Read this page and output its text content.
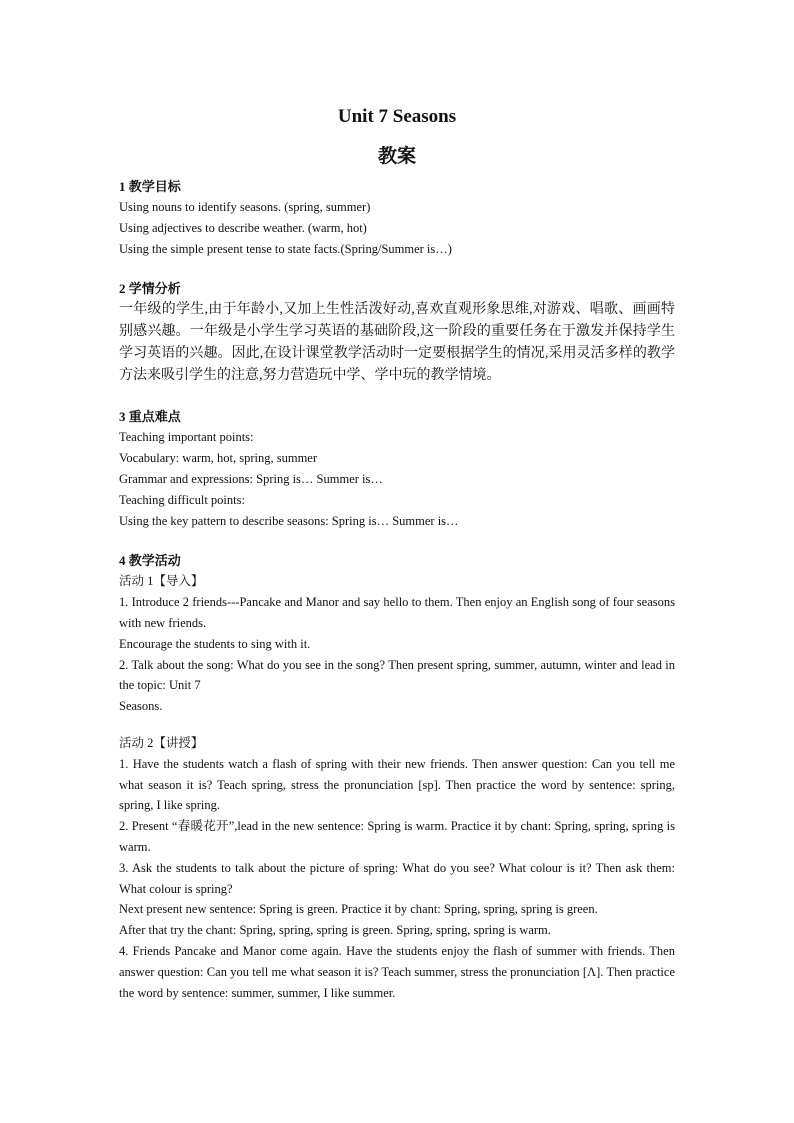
Unit 7 Seasons

教案

1 教学目标

Using nouns to identify seasons. (spring, summer)

Using adjectives to describe weather. (warm, hot)

Using the simple present tense to state facts.(Spring/Summer is…)

2 学情分析

一年级的学生,由于年龄小,又加上生性活泼好动,喜欢直观形象思维,对游戏、唱歌、画画特别感兴趣。一年级是小学生学习英语的基础阶段,这一阶段的重要任务在于激发并保持学生学习英语的兴趣。因此,在设计课堂教学活动时一定要根据学生的情况,采用灵活多样的教学方法来吸引学生的注意,努力营造玩中学、学中玩的教学情境。

3 重点难点

Teaching important points:

Vocabulary: warm, hot, spring, summer

Grammar and expressions: Spring is… Summer is…

Teaching difficult points:

Using the key pattern to describe seasons: Spring is… Summer is…

4 教学活动

活动 1【导入】

1. Introduce 2 friends---Pancake and Manor and say hello to them. Then enjoy an English song of four seasons with new friends.

Encourage the students to sing with it.

2. Talk about the song: What do you see in the song? Then present spring, summer, autumn, winter and lead in the topic: Unit 7

Seasons.

活动 2【讲授】

1. Have the students watch a flash of spring with their new friends. Then answer question: Can you tell me what season it is? Teach spring, stress the pronunciation [sp]. Then practice the word by sentence: spring, spring, I like spring.

2. Present “春暖花开”,lead in the new sentence: Spring is warm. Practice it by chant: Spring, spring, spring is warm.

3. Ask the students to talk about the picture of spring: What do you see? What colour is it? Then ask them: What colour is spring?

Next present new sentence: Spring is green. Practice it by chant: Spring, spring, spring is green.

After that try the chant: Spring, spring, spring is green. Spring, spring, spring is warm.

4. Friends Pancake and Manor come again. Have the students enjoy the flash of summer with friends. Then answer question: Can you tell me what season it is? Teach summer, stress the pronunciation [Λ]. Then practice the word by sentence: summer, summer, I like summer.
